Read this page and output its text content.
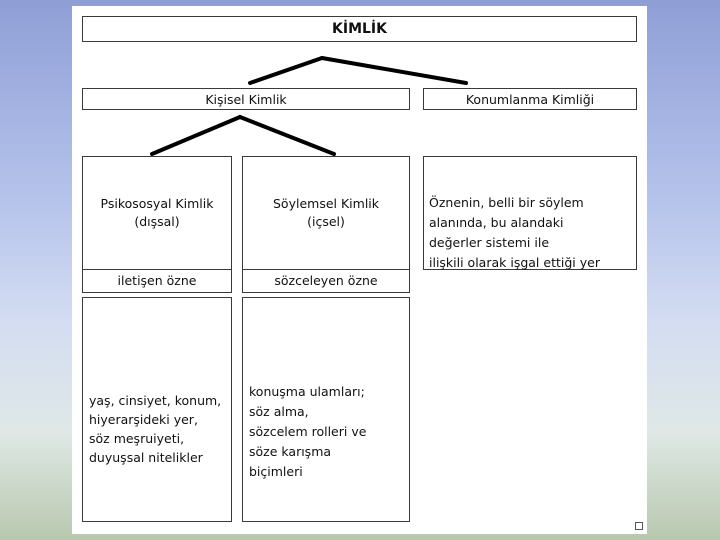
KİMLİK
Kişisel Kimlik	Konumlanma Kimliği
Psikososyal Kimlik
(dışsal)
Söylemsel Kimlik
(içsel)

Öznenin, belli bir söylem
alanında, bu alandaki
değerler sistemi ile
ilişkili olarak işgal ettiği yer

iletişen özne	sözceleyen özne

yaş, cinsiyet, konum,
hiyerarşideki yer,
söz meşruiyeti,
duyuşsal nitelikler

konuşma ulamları;
söz alma,
sözcelem rolleri ve
söze karışma
biçimleri

15
